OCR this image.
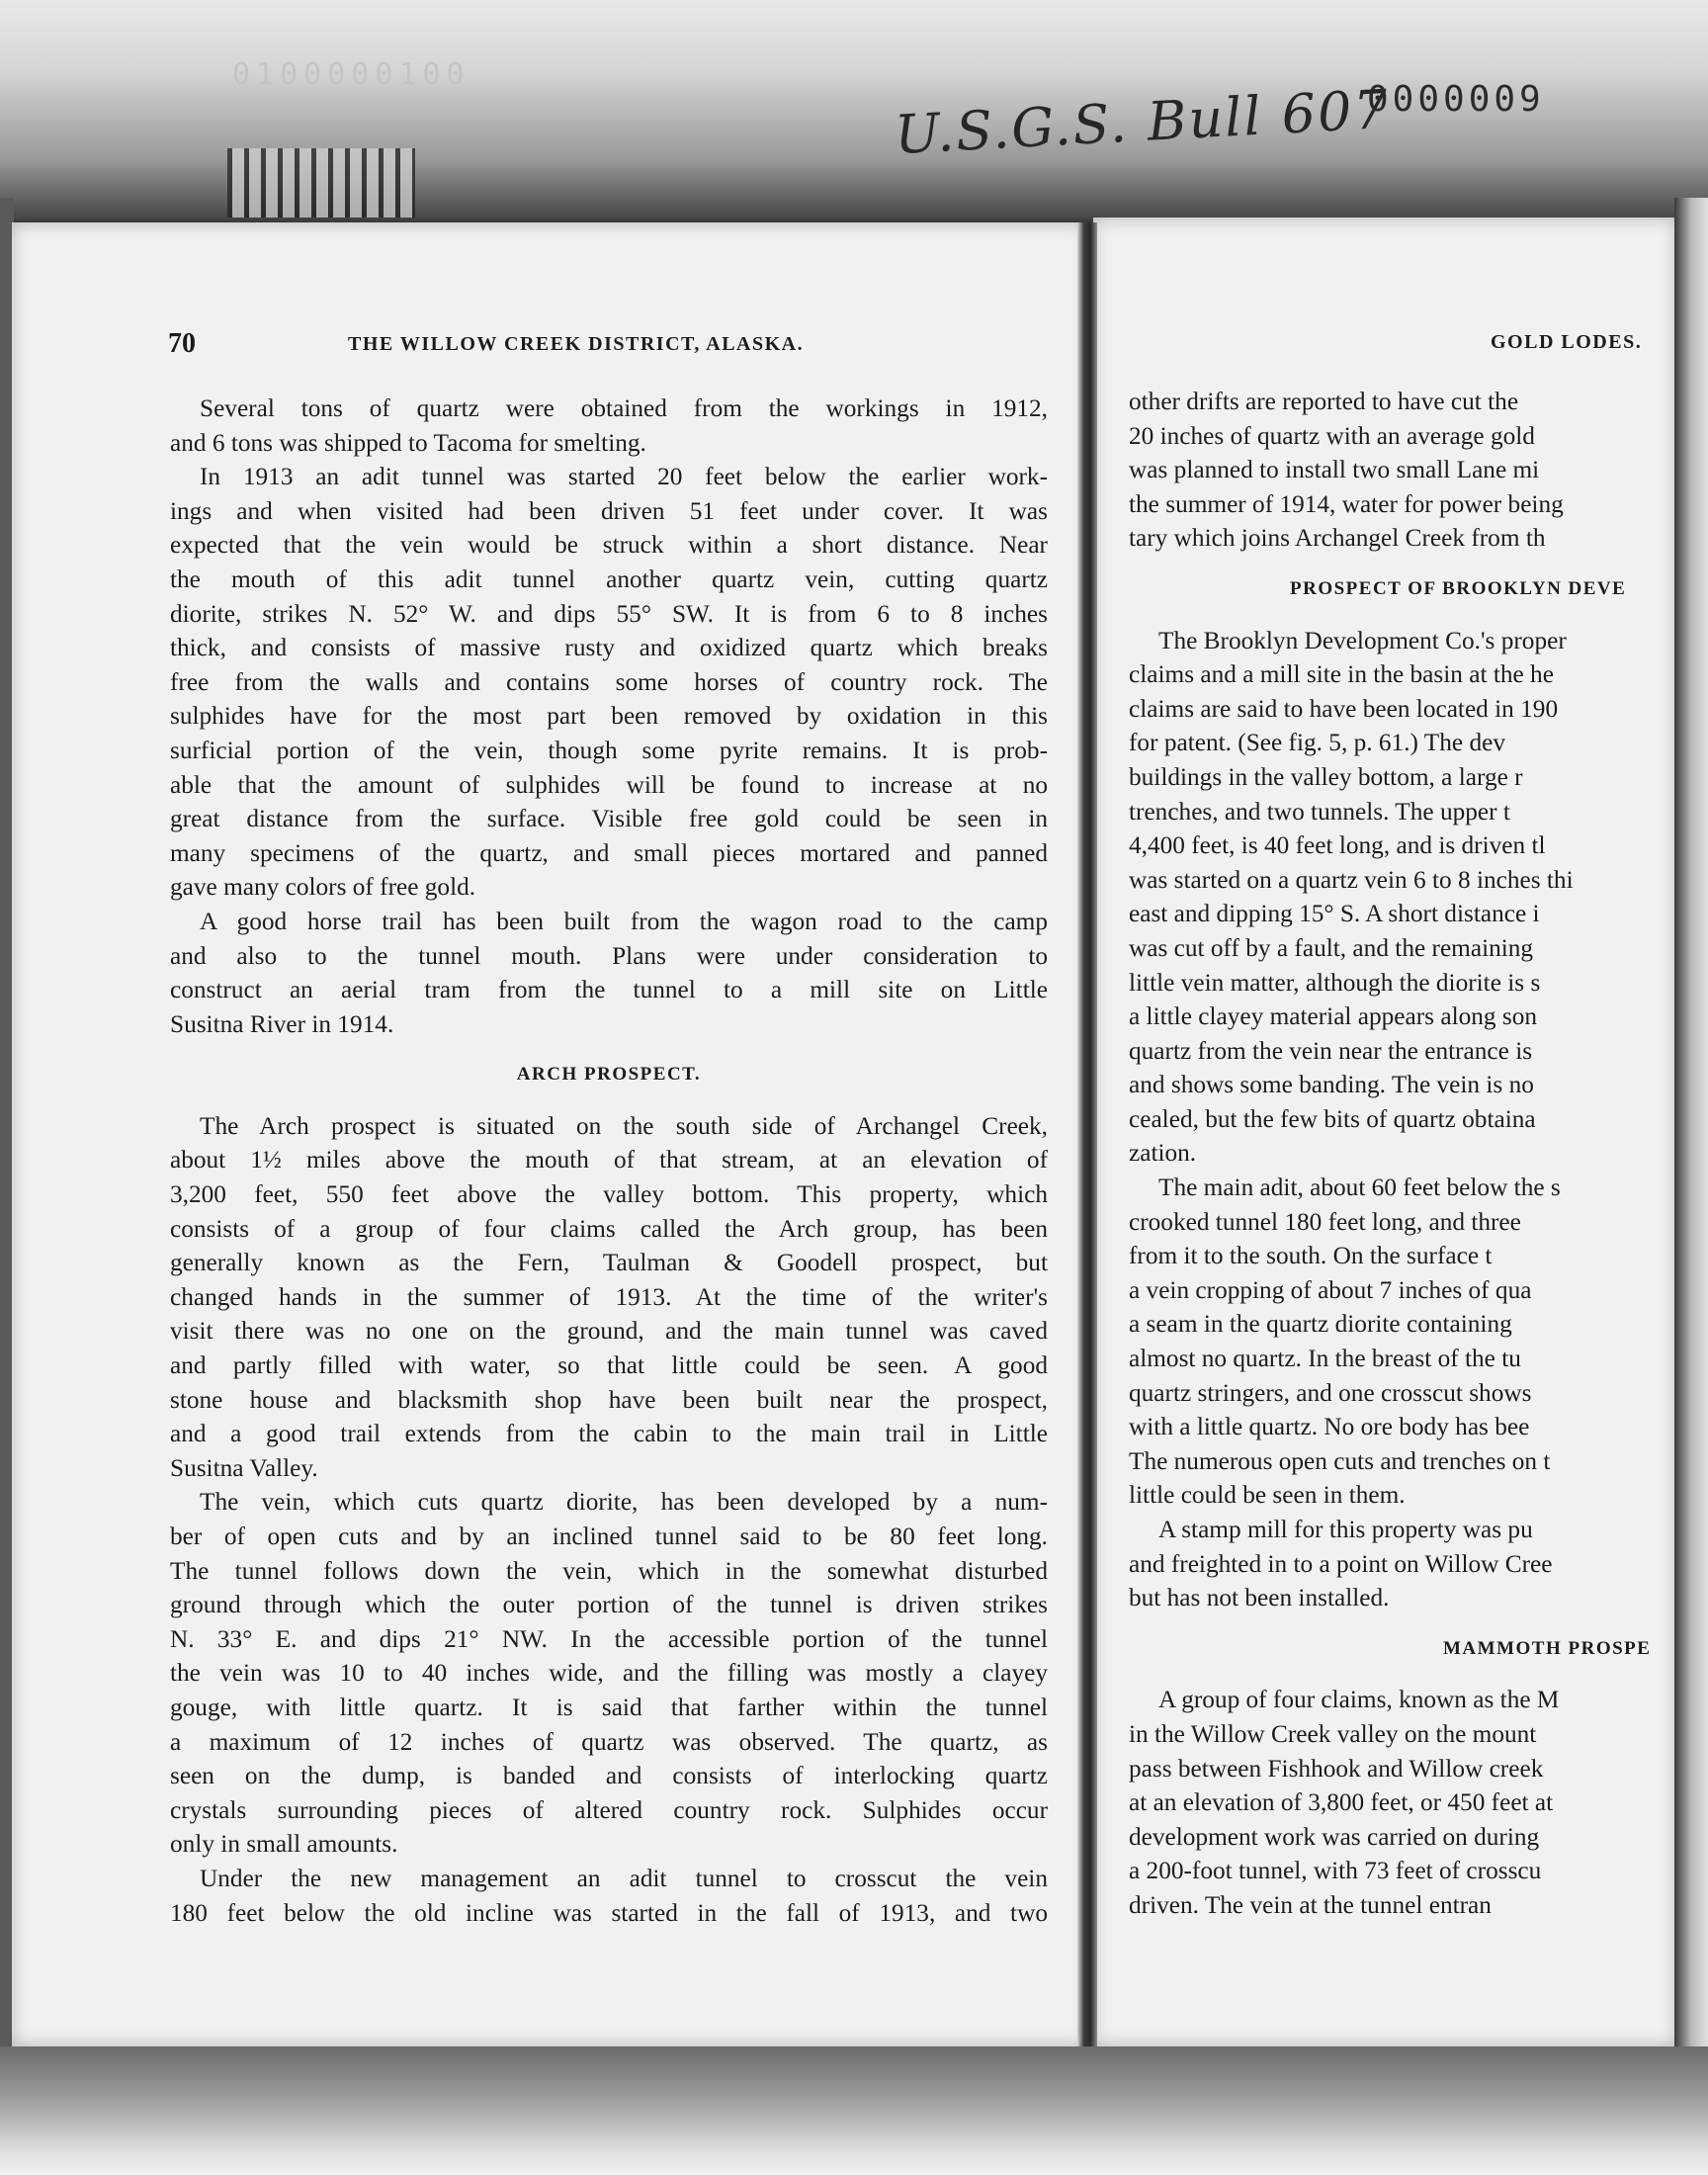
0100000100
U.S.G.S. Bull 607
0000009
70	THE WILLOW CREEK DISTRICT, ALASKA.
Several tons of quartz were obtained from the workings in 1912,
and 6 tons was shipped to Tacoma for smelting.
In 1913 an adit tunnel was started 20 feet below the earlier work-
ings and when visited had been driven 51 feet under cover. It was
expected that the vein would be struck within a short distance. Near
the mouth of this adit tunnel another quartz vein, cutting quartz
diorite, strikes N. 52° W. and dips 55° SW. It is from 6 to 8 inches
thick, and consists of massive rusty and oxidized quartz which breaks
free from the walls and contains some horses of country rock. The
sulphides have for the most part been removed by oxidation in this
surficial portion of the vein, though some pyrite remains. It is prob-
able that the amount of sulphides will be found to increase at no
great distance from the surface. Visible free gold could be seen in
many specimens of the quartz, and small pieces mortared and panned
gave many colors of free gold.
A good horse trail has been built from the wagon road to the camp
and also to the tunnel mouth. Plans were under consideration to
construct an aerial tram from the tunnel to a mill site on Little
Susitna River in 1914.
ARCH PROSPECT.
The Arch prospect is situated on the south side of Archangel Creek,
about 1½ miles above the mouth of that stream, at an elevation of
3,200 feet, 550 feet above the valley bottom. This property, which
consists of a group of four claims called the Arch group, has been
generally known as the Fern, Taulman & Goodell prospect, but
changed hands in the summer of 1913. At the time of the writer's
visit there was no one on the ground, and the main tunnel was caved
and partly filled with water, so that little could be seen. A good
stone house and blacksmith shop have been built near the prospect,
and a good trail extends from the cabin to the main trail in Little
Susitna Valley.
The vein, which cuts quartz diorite, has been developed by a num-
ber of open cuts and by an inclined tunnel said to be 80 feet long.
The tunnel follows down the vein, which in the somewhat disturbed
ground through which the outer portion of the tunnel is driven strikes
N. 33° E. and dips 21° NW. In the accessible portion of the tunnel
the vein was 10 to 40 inches wide, and the filling was mostly a clayey
gouge, with little quartz. It is said that farther within the tunnel
a maximum of 12 inches of quartz was observed. The quartz, as
seen on the dump, is banded and consists of interlocking quartz
crystals surrounding pieces of altered country rock. Sulphides occur
only in small amounts.
Under the new management an adit tunnel to crosscut the vein
180 feet below the old incline was started in the fall of 1913, and two
GOLD LODES.
other drifts are reported to have cut the
20 inches of quartz with an average gold
was planned to install two small Lane mi
the summer of 1914, water for power being
tary which joins Archangel Creek from th
PROSPECT OF BROOKLYN DEVE
The Brooklyn Development Co.'s proper
claims and a mill site in the basin at the he
claims are said to have been located in 190
for patent. (See fig. 5, p. 61.) The dev
buildings in the valley bottom, a large r
trenches, and two tunnels. The upper t
4,400 feet, is 40 feet long, and is driven tl
was started on a quartz vein 6 to 8 inches thi
east and dipping 15° S. A short distance i
was cut off by a fault, and the remaining
little vein matter, although the diorite is s
a little clayey material appears along son
quartz from the vein near the entrance is
and shows some banding. The vein is no
cealed, but the few bits of quartz obtaina
zation.
The main adit, about 60 feet below the s
crooked tunnel 180 feet long, and three
from it to the south. On the surface t
a vein cropping of about 7 inches of qua
a seam in the quartz diorite containing
almost no quartz. In the breast of the tu
quartz stringers, and one crosscut shows
with a little quartz. No ore body has bee
The numerous open cuts and trenches on t
little could be seen in them.
A stamp mill for this property was pu
and freighted in to a point on Willow Cree
but has not been installed.
MAMMOTH PROSPE
A group of four claims, known as the M
in the Willow Creek valley on the mount
pass between Fishhook and Willow creek
at an elevation of 3,800 feet, or 450 feet at
development work was carried on during
a 200-foot tunnel, with 73 feet of crosscu
driven. The vein at the tunnel entran
